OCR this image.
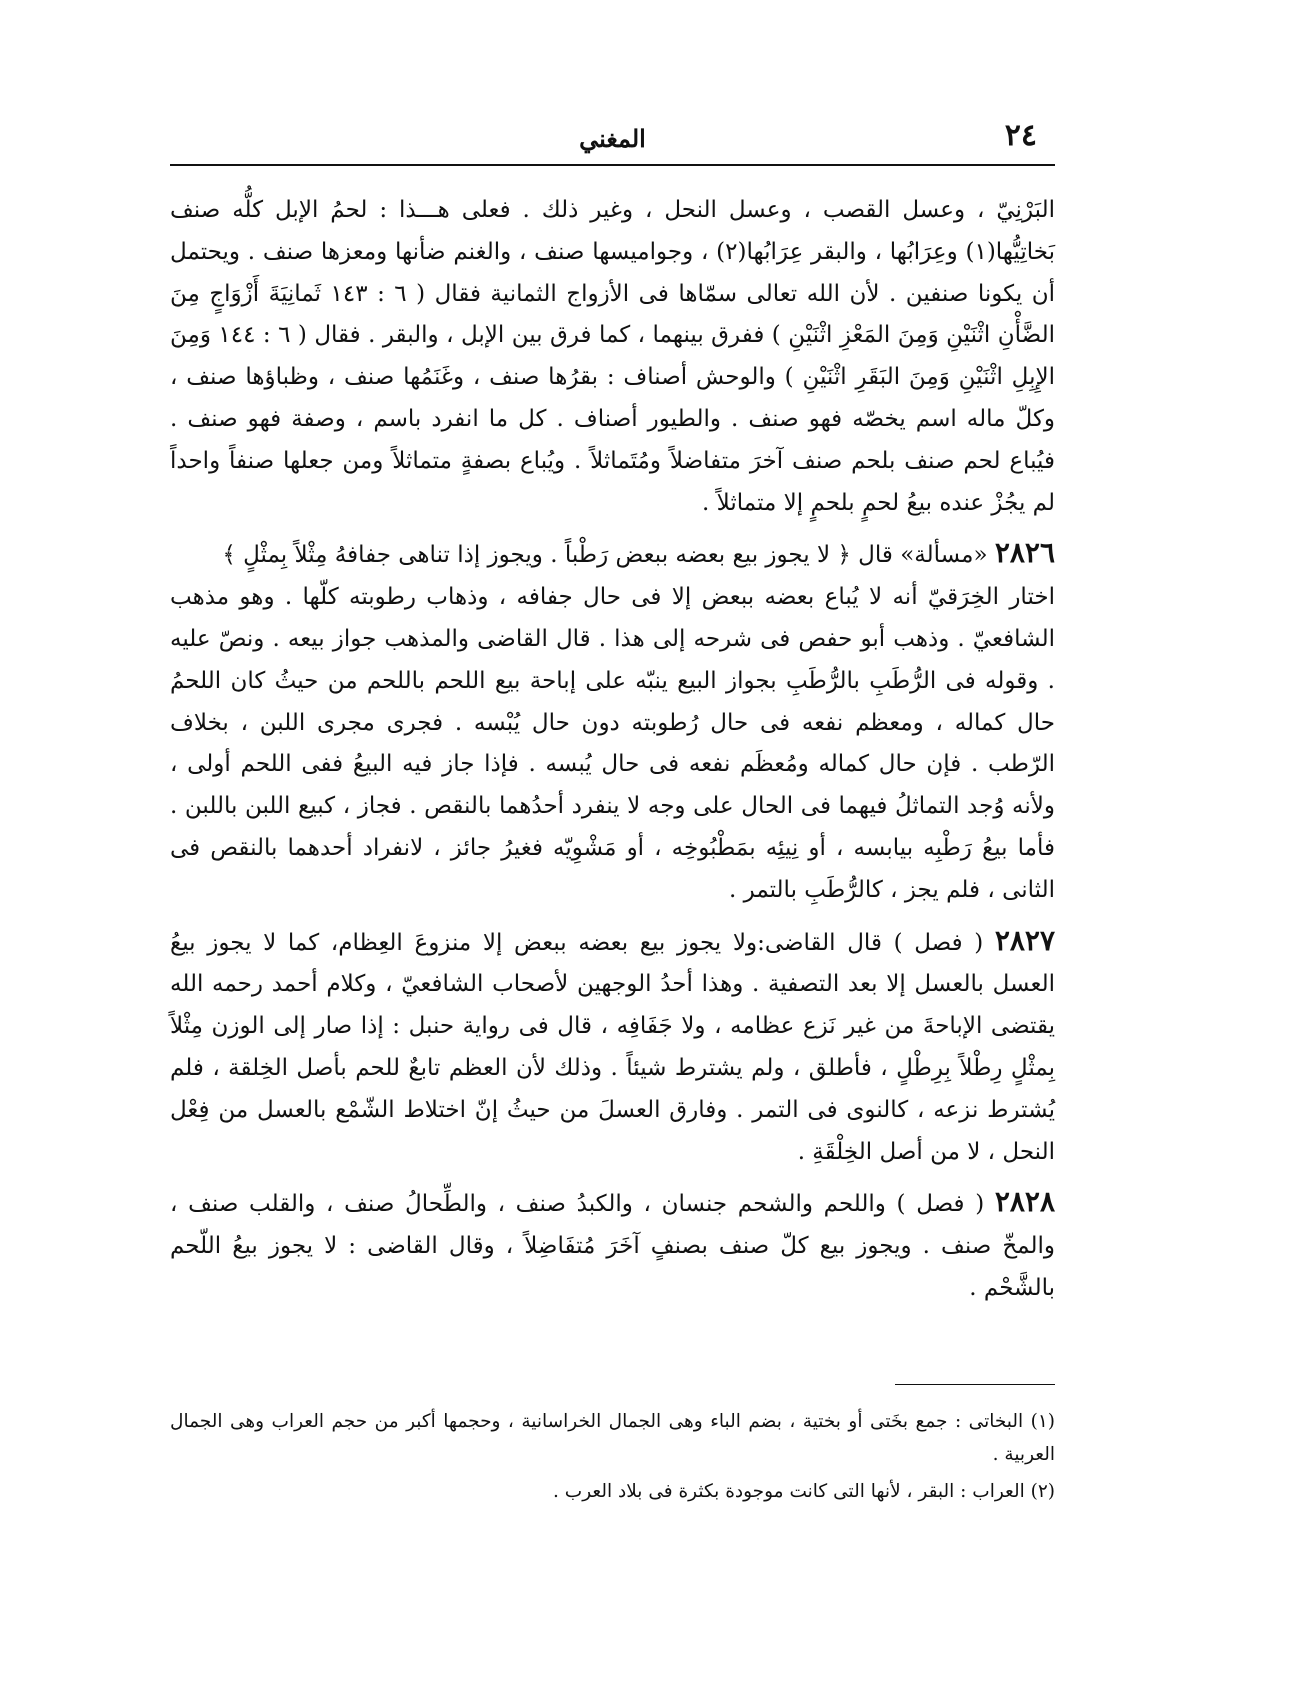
٢٤
المغني

البَرْنِيّ ، وعسل القصب ، وعسل النحل ، وغير ذلك . فعلى هـــذا : لحمُ الإبل كلُّه صنف بَخاتِيُّها(١) وعِرَابُها ، والبقر عِرَابُها(٢) ، وجواميسها صنف ، والغنم ضأنها ومعزها صنف . ويحتمل أن يكونا صنفين . لأن الله تعالى سمّاها فى الأزواج الثمانية فقال ( ٦ : ١٤٣ ثَمانِيَةَ أَزْوَاجٍ مِنَ الضَّأْنِ اثْنَيْنِ وَمِنَ المَعْزِ اثْنَيْنِ ) ففرق بينهما ، كما فرق بين الإبل ، والبقر . فقال ( ٦ : ١٤٤ وَمِنَ الإِبِلِ اثْنَيْنِ وَمِنَ البَقَرِ اثْنَيْنِ ) والوحش أصناف : بقرُها صنف ، وغَنَمُها صنف ، وظباؤها صنف ، وكلّ ماله اسم يخصّه فهو صنف . والطيور أصناف . كل ما انفرد باسم ، وصفة فهو صنف . فيُباع لحم صنف بلحم صنف آخرَ متفاضلاً ومُتَماثلاً . ويُباع بصفةٍ متماثلاً ومن جعلها صنفاً واحداً لم يجُزْ عنده بيعُ لحمٍ بلحمٍ إلا متماثلاً .

٢٨٢٦ «مسألة» قال ﴿ لا يجوز بيع بعضه ببعض رَطْباً . ويجوز إذا تناهى جفافهُ مِثْلاً بِمثْلٍ ﴾

اختار الخِرَقيّ أنه لا يُباع بعضه ببعض إلا فى حال جفافه ، وذهاب رطوبته كلّها . وهو مذهب الشافعيّ . وذهب أبو حفص فى شرحه إلى هذا . قال القاضى والمذهب جواز بيعه . ونصّ عليه . وقوله فى الرُّطَبِ بالرُّطَبِ بجواز البيع ينبّه على إباحة بيع اللحم باللحم من حيثُ كان اللحمُ حال كماله ، ومعظم نفعه فى حال رُطوبته دون حال يُبْسه . فجرى مجرى اللبن ، بخلاف الرّطب . فإن حال كماله ومُعظَم نفعه فى حال يُبسه . فإذا جاز فيه البيعُ ففى اللحم أولى ، ولأنه وُجد التماثلُ فيهما فى الحال على وجه لا ينفرد أحدُهما بالنقص . فجاز ، كبيع اللبن باللبن . فأما بيعُ رَطْبِه بيابسه ، أو نِيئِه بمَطْبُوخِه ، أو مَشْوِيّه فغيرُ جائز ، لانفراد أحدهما بالنقص فى الثانى ، فلم يجز ، كالرُّطَبِ بالتمر .

٢٨٢٧ ( فصل ) قال القاضى:ولا يجوز بيع بعضه ببعض إلا منزوعَ العِظام، كما لا يجوز بيعُ العسل بالعسل إلا بعد التصفية . وهذا أحدُ الوجهين لأصحاب الشافعيّ ، وكلام أحمد رحمه الله يقتضى الإباحةَ من غير نَزع عظامه ، ولا جَفَافِه ، قال فى رواية حنبل : إذا صار إلى الوزن مِثْلاً بِمثْلٍ رِطْلاً بِرِطْلٍ ، فأطلق ، ولم يشترط شيئاً . وذلك لأن العظم تابعٌ للحم بأصل الخِلقة ، فلم يُشترط نزعه ، كالنوى فى التمر . وفارق العسلَ من حيثُ إنّ اختلاط الشّمْع بالعسل من فِعْل النحل ، لا من أصل الخِلْقَةِ .

٢٨٢٨ ( فصل ) واللحم والشحم جنسان ، والكبدُ صنف ، والطِّحالُ صنف ، والقلب صنف ، والمخّ صنف . ويجوز بيع كلّ صنف بصنفٍ آخَرَ مُتفَاضِلاً ، وقال القاضى : لا يجوز بيعُ اللّحم بالشَّحْم .

(١) البخاتى : جمع بخَتى أو بختية ، بضم الباء وهى الجمال الخراسانية ، وحجمها أكبر من حجم العراب وهى الجمال العربية .

(٢) العراب : البقر ، لأنها التى كانت موجودة بكثرة فى بلاد العرب .
